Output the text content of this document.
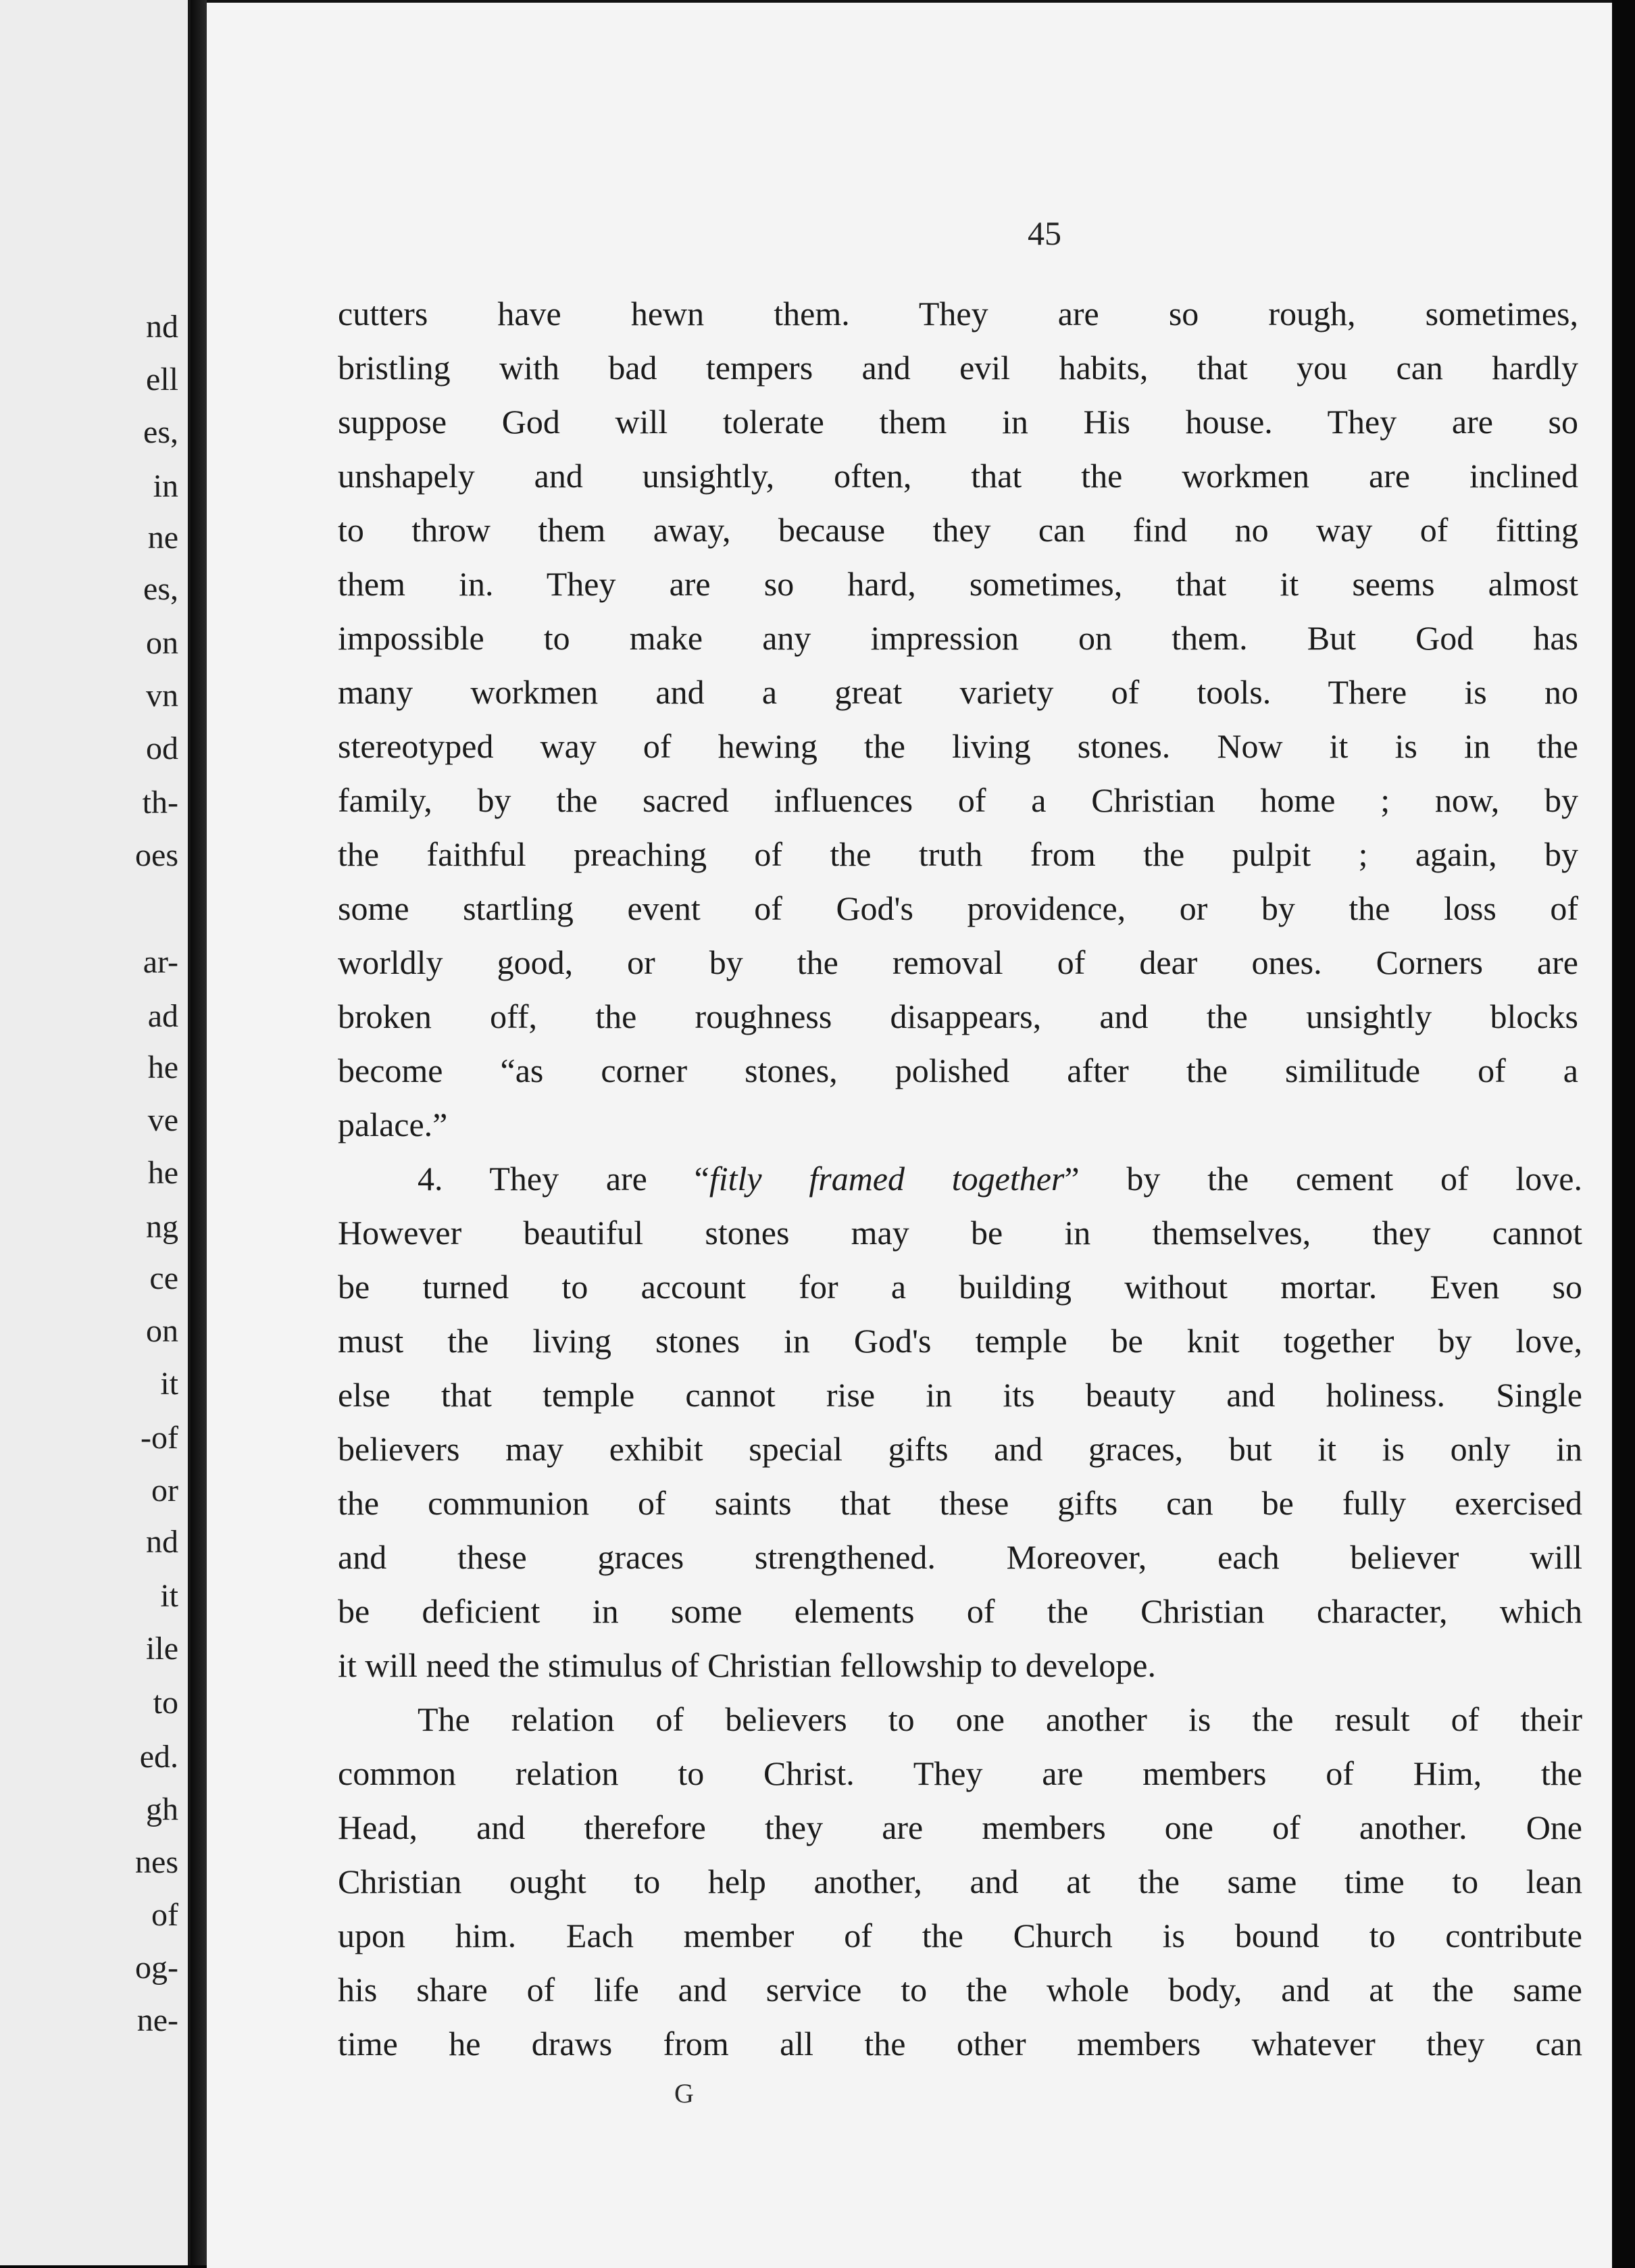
nd
ell
es,
in
ne
es,
on
vn
od
th-
oes
ar-
ad
he
ve
he
ng
ce
on
it
-of
or
nd
it
ile
to
ed.
gh
nes
of
og-
ne-
45
G
cutters have hewn them. They are so rough, sometimes,
bristling with bad tempers and evil habits, that you can hardly
suppose God will tolerate them in His house. They are so
unshapely and unsightly, often, that the workmen are inclined
to throw them away, because they can find no way of fitting
them in. They are so hard, sometimes, that it seems almost
impossible to make any impression on them. But God has
many workmen and a great variety of tools. There is no
stereotyped way of hewing the living stones. Now it is in the
family, by the sacred influences of a Christian home ; now, by
the faithful preaching of the truth from the pulpit ; again, by
some startling event of God's providence, or by the loss of
worldly good, or by the removal of dear ones. Corners are
broken off, the roughness disappears, and the unsightly blocks
become “as corner stones, polished after the similitude of a
palace.”
4. They are “fitly framed together” by the cement of love.
However beautiful stones may be in themselves, they cannot
be turned to account for a building without mortar. Even so
must the living stones in God's temple be knit together by love,
else that temple cannot rise in its beauty and holiness. Single
believers may exhibit special gifts and graces, but it is only in
the communion of saints that these gifts can be fully exercised
and these graces strengthened. Moreover, each believer will
be deficient in some elements of the Christian character, which
it will need the stimulus of Christian fellowship to develope.
The relation of believers to one another is the result of their
common relation to Christ. They are members of Him, the
Head, and therefore they are members one of another. One
Christian ought to help another, and at the same time to lean
upon him. Each member of the Church is bound to contribute
his share of life and service to the whole body, and at the same
time he draws from all the other members whatever they can
